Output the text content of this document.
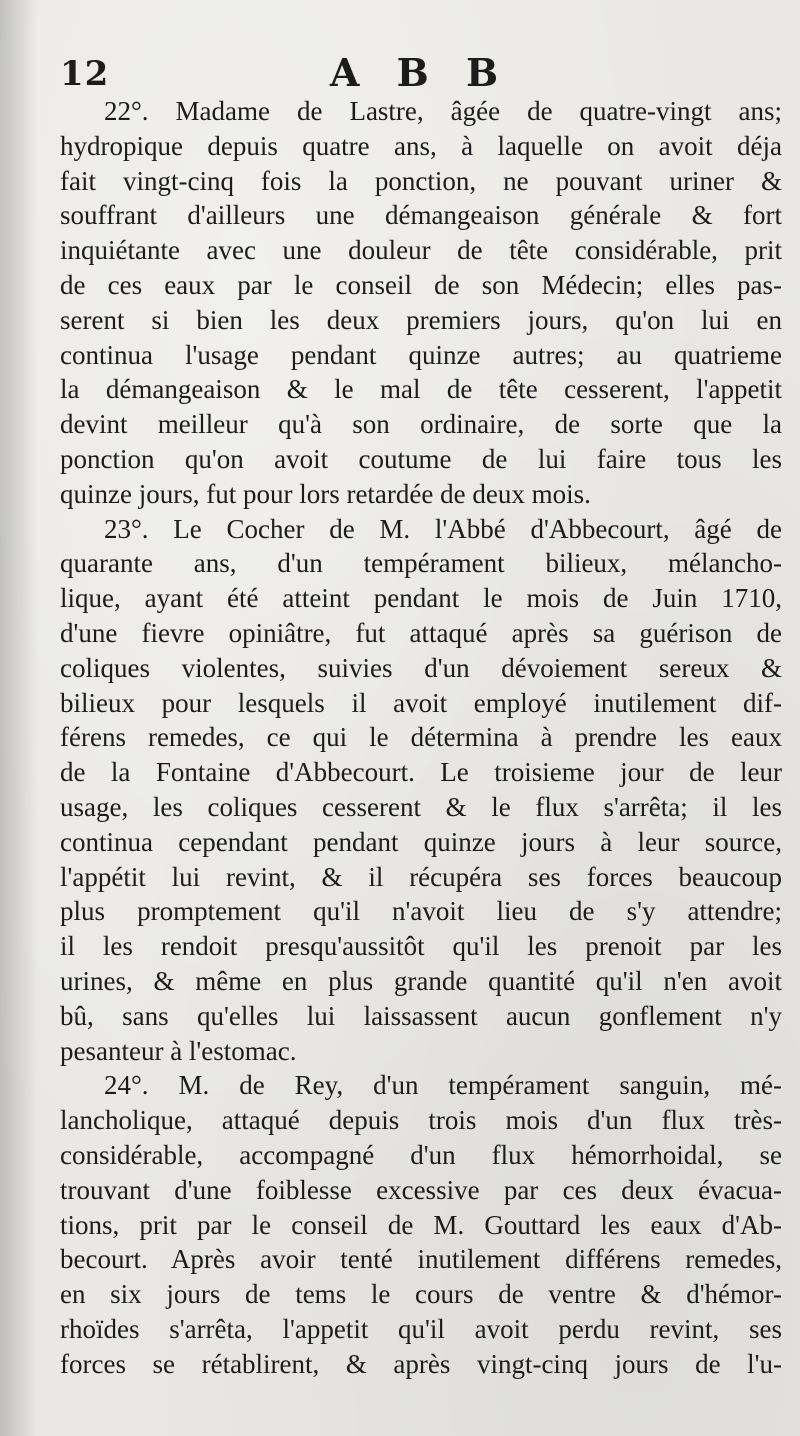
12	A B B
22°. Madame de Lastre, âgée de quatre-vingt ans;
hydropique depuis quatre ans, à laquelle on avoit déja
fait vingt-cinq fois la ponction, ne pouvant uriner &
souffrant d'ailleurs une démangeaison générale & fort
inquiétante avec une douleur de tête considérable, prit
de ces eaux par le conseil de son Médecin; elles pas-
serent si bien les deux premiers jours, qu'on lui en
continua l'usage pendant quinze autres; au quatrieme
la démangeaison & le mal de tête cesserent, l'appetit
devint meilleur qu'à son ordinaire, de sorte que la
ponction qu'on avoit coutume de lui faire tous les
quinze jours, fut pour lors retardée de deux mois.
23°. Le Cocher de M. l'Abbé d'Abbecourt, âgé de
quarante ans, d'un tempérament bilieux, mélancho-
lique, ayant été atteint pendant le mois de Juin 1710,
d'une fievre opiniâtre, fut attaqué après sa guérison de
coliques violentes, suivies d'un dévoiement sereux &
bilieux pour lesquels il avoit employé inutilement dif-
férens remedes, ce qui le détermina à prendre les eaux
de la Fontaine d'Abbecourt. Le troisieme jour de leur
usage, les coliques cesserent & le flux s'arrêta; il les
continua cependant pendant quinze jours à leur source,
l'appétit lui revint, & il récupéra ses forces beaucoup
plus promptement qu'il n'avoit lieu de s'y attendre;
il les rendoit presqu'aussitôt qu'il les prenoit par les
urines, & même en plus grande quantité qu'il n'en avoit
bû, sans qu'elles lui laissassent aucun gonflement n'y
pesanteur à l'estomac.
24°. M. de Rey, d'un tempérament sanguin, mé-
lancholique, attaqué depuis trois mois d'un flux très-
considérable, accompagné d'un flux hémorrhoidal, se
trouvant d'une foiblesse excessive par ces deux évacua-
tions, prit par le conseil de M. Gouttard les eaux d'Ab-
becourt. Après avoir tenté inutilement différens remedes,
en six jours de tems le cours de ventre & d'hémor-
rhoïdes s'arrêta, l'appetit qu'il avoit perdu revint, ses
forces se rétablirent, & après vingt-cinq jours de l'u-
